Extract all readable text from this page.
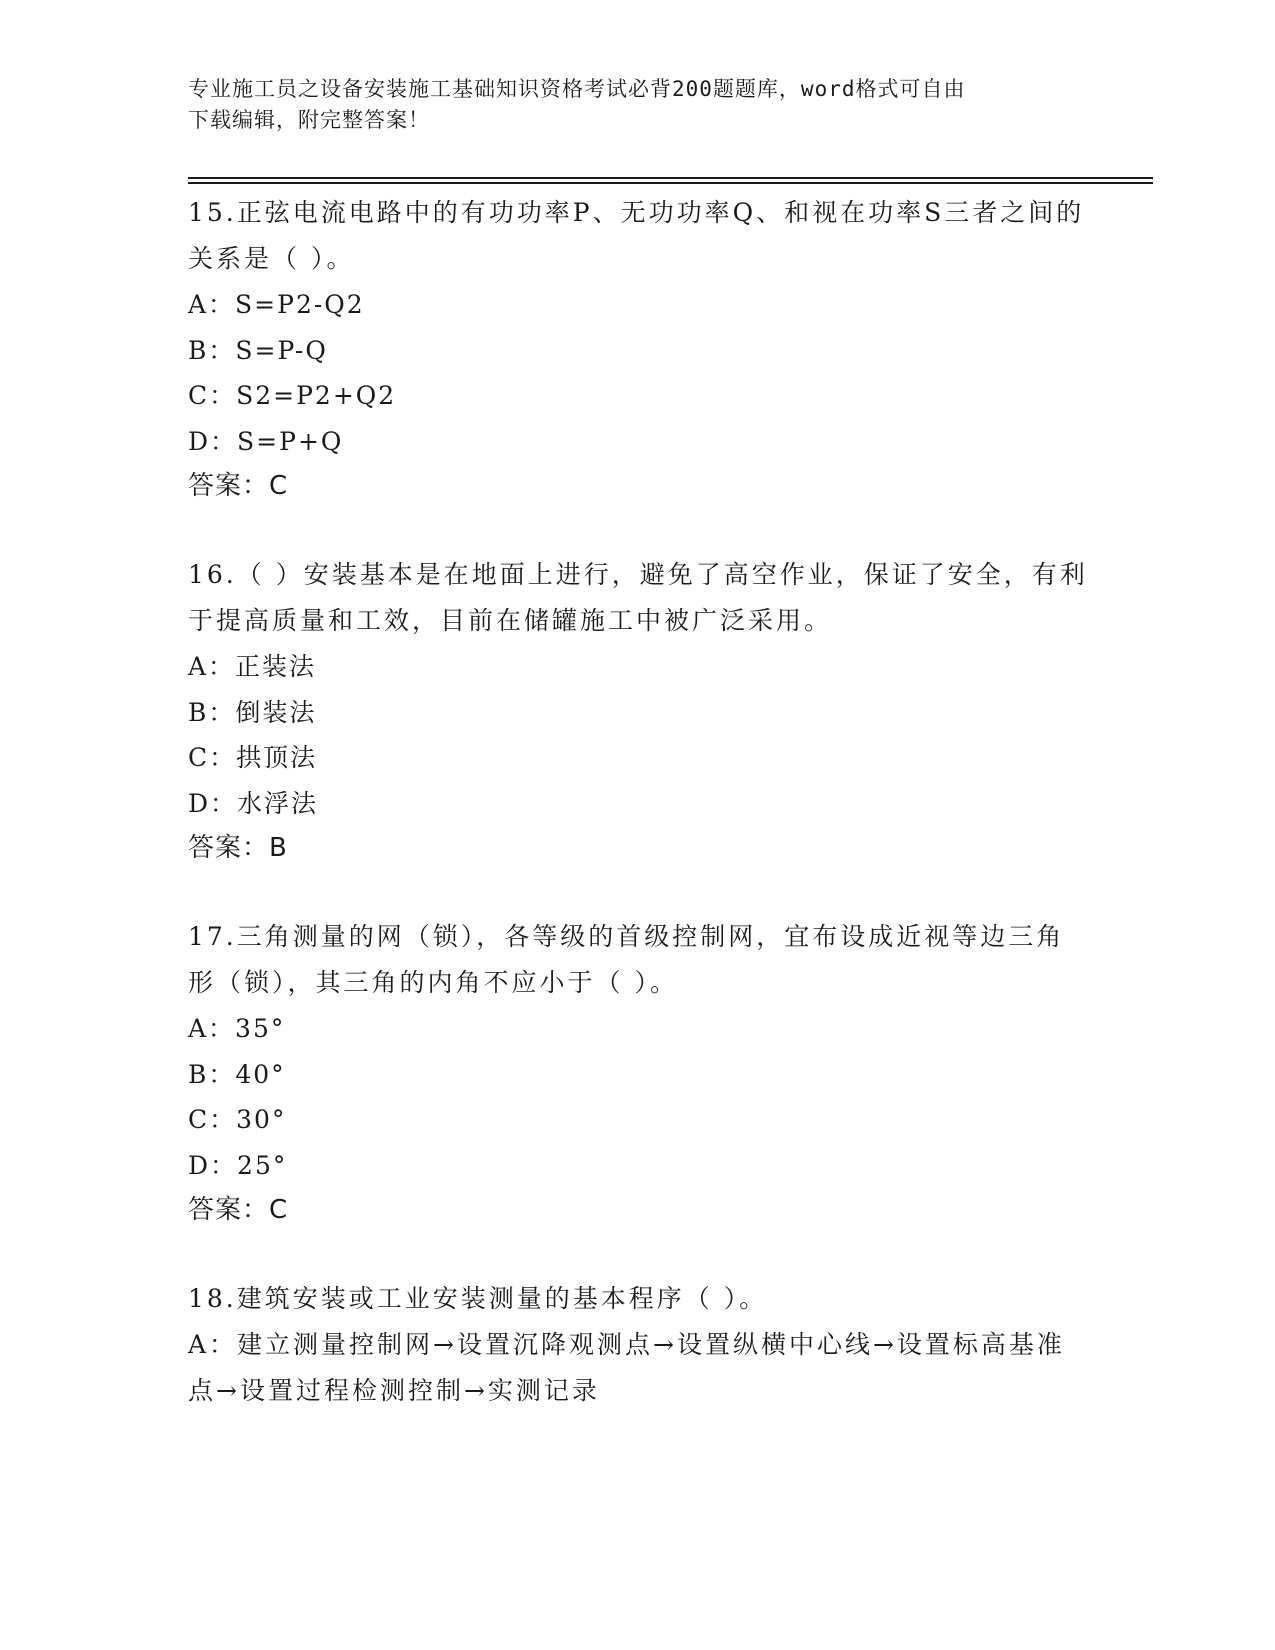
专业施工员之设备安装施工基础知识资格考试必背200题题库，word格式可自由

下载编辑，附完整答案！

15.正弦电流电路中的有功功率P、无功功率Q、和视在功率S三者之间的关系是（ ）。

A：S=P2-Q2

B：S=P-Q

C：S2=P2+Q2

D：S=P+Q

答案：C

16.（ ）安装基本是在地面上进行，避免了高空作业，保证了安全，有利于提高质量和工效，目前在储罐施工中被广泛采用。

A：正装法

B：倒装法

C：拱顶法

D：水浮法

答案：B

17.三角测量的网（锁），各等级的首级控制网，宜布设成近视等边三角形（锁），其三角的内角不应小于（ ）。

A：35°

B：40°

C：30°

D：25°

答案：C

18.建筑安装或工业安装测量的基本程序（ ）。

A：建立测量控制网→设置沉降观测点→设置纵横中心线→设置标高基准点→设置过程检测控制→实测记录
